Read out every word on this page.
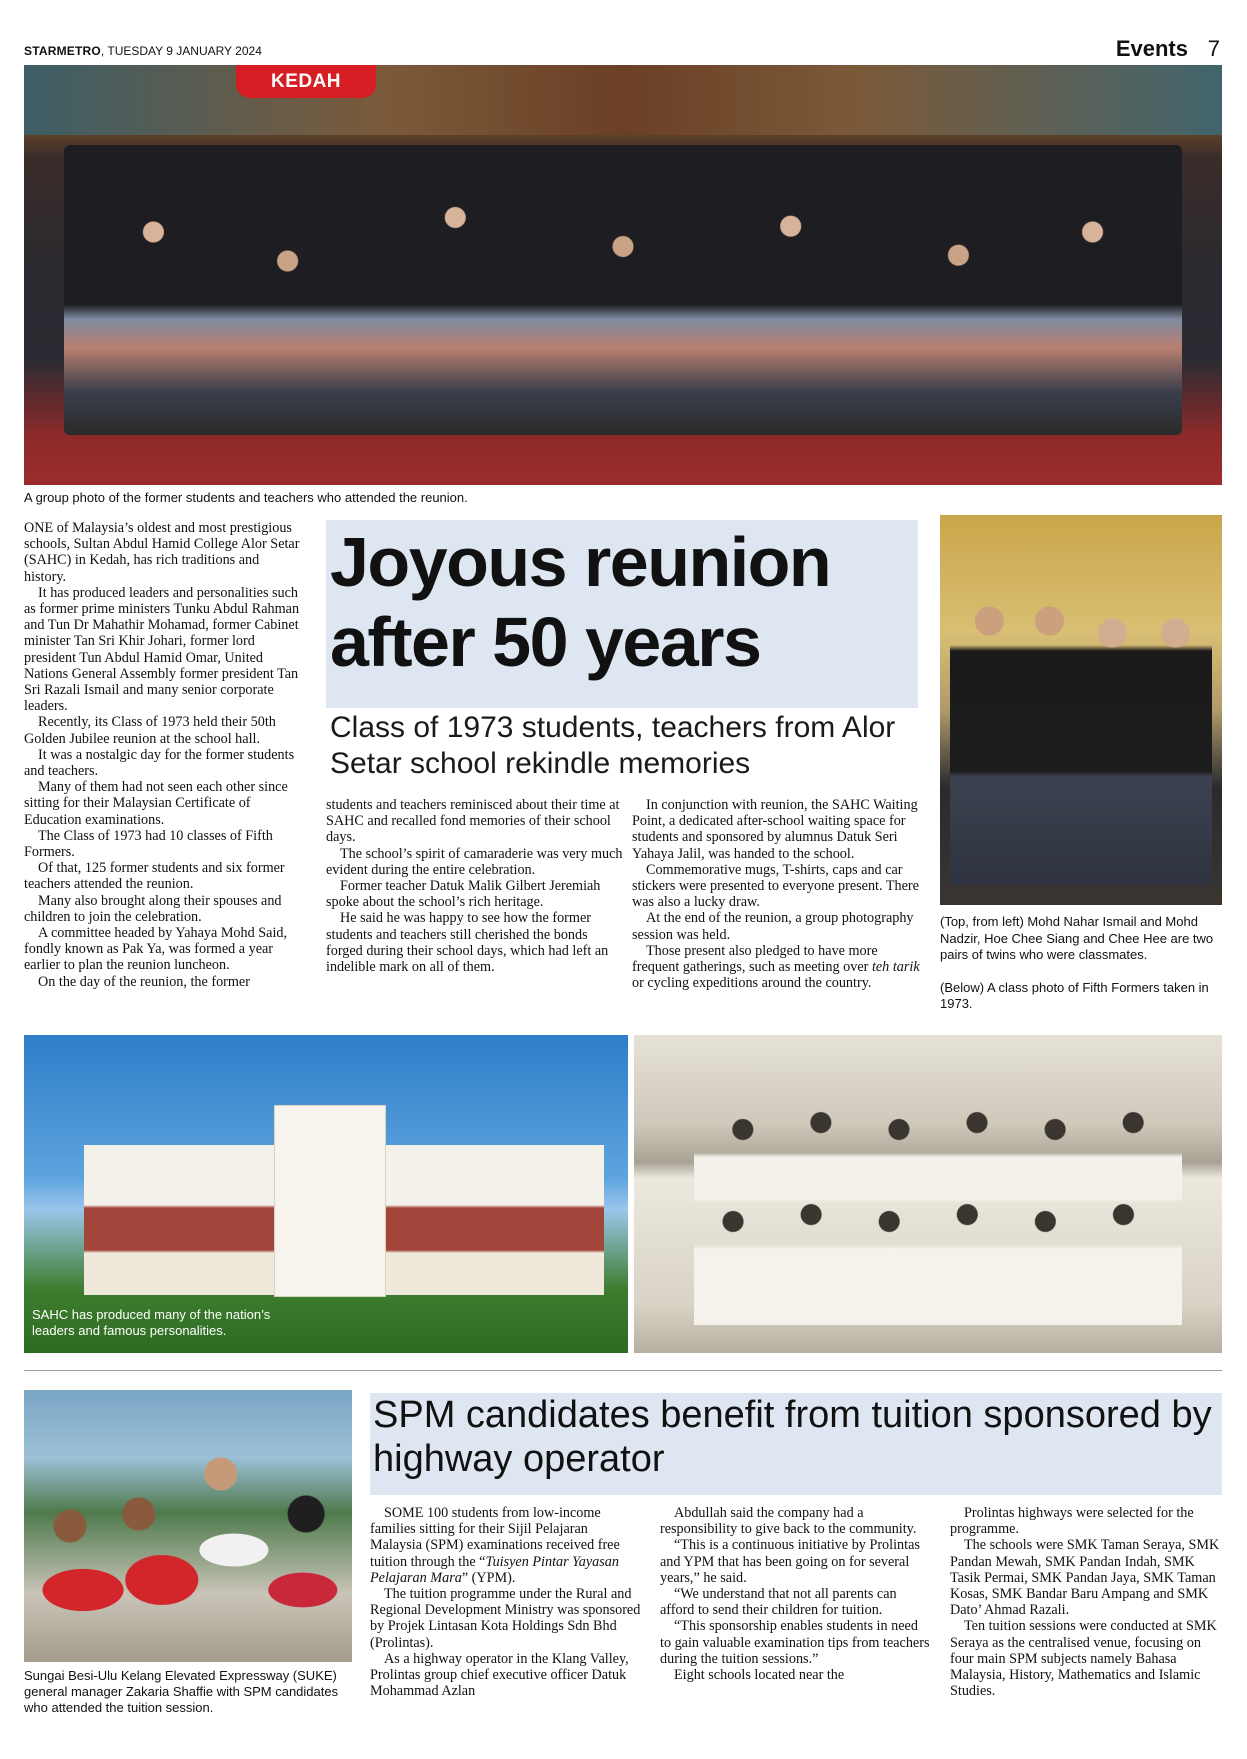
STARMETRO, TUESDAY 9 JANUARY 2024	Events 7
KEDAH
A group photo of the former students and teachers who attended the reunion.

ONE of Malaysia’s oldest and most prestigious schools, Sultan Abdul Hamid College Alor Setar (SAHC) in Kedah, has rich traditions and history.

It has produced leaders and personalities such as former prime ministers Tunku Abdul Rahman and Tun Dr Mahathir Mohamad, former Cabinet minister Tan Sri Khir Johari, former lord president Tun Abdul Hamid Omar, United Nations General Assembly former president Tan Sri Razali Ismail and many senior corporate leaders.

Recently, its Class of 1973 held their 50th Golden Jubilee reunion at the school hall.

It was a nostalgic day for the former students and teachers.

Many of them had not seen each other since sitting for their Malaysian Certificate of Education examinations.

The Class of 1973 had 10 classes of Fifth Formers.

Of that, 125 former students and six former teachers attended the reunion.

Many also brought along their spouses and children to join the celebration.

A committee headed by Yahaya Mohd Said, fondly known as Pak Ya, was formed a year earlier to plan the reunion luncheon.

On the day of the reunion, the former

Joyous reunion after 50 years
Class of 1973 students, teachers from Alor Setar school rekindle memories

students and teachers reminisced about their time at SAHC and recalled fond memories of their school days.

The school’s spirit of camaraderie was very much evident during the entire celebration.

Former teacher Datuk Malik Gilbert Jeremiah spoke about the school’s rich heritage.

He said he was happy to see how the former students and teachers still cherished the bonds forged during their school days, which had left an indelible mark on all of them.

In conjunction with reunion, the SAHC Waiting Point, a dedicated after-school waiting space for students and sponsored by alumnus Datuk Seri Yahaya Jalil, was handed to the school.

Commemorative mugs, T-shirts, caps and car stickers were presented to everyone present. There was also a lucky draw.

At the end of the reunion, a group photography session was held.

Those present also pledged to have more frequent gatherings, such as meeting over teh tarik or cycling expeditions around the country.

(Top, from left) Mohd Nahar Ismail and Mohd Nadzir, Hoe Chee Siang and Chee Hee are two pairs of twins who were classmates.
(Below) A class photo of Fifth Formers taken in 1973.
SAHC has produced many of the nation’s leaders and famous personalities.
Sungai Besi-Ulu Kelang Elevated Expressway (SUKE) general manager Zakaria Shaffie with SPM candidates who attended the tuition session.
SPM candidates benefit from tuition sponsored by highway operator

SOME 100 students from low-income families sitting for their Sijil Pelajaran Malaysia (SPM) examinations received free tuition through the “Tuisyen Pintar Yayasan Pelajaran Mara” (YPM).

The tuition programme under the Rural and Regional Development Ministry was sponsored by Projek Lintasan Kota Holdings Sdn Bhd (Prolintas).

As a highway operator in the Klang Valley, Prolintas group chief executive officer Datuk Mohammad Azlan

Abdullah said the company had a responsibility to give back to the community.

“This is a continuous initiative by Prolintas and YPM that has been going on for several years,” he said.

“We understand that not all parents can afford to send their children for tuition.

“This sponsorship enables students in need to gain valuable examination tips from teachers during the tuition sessions.”

Eight schools located near the

Prolintas highways were selected for the programme.

The schools were SMK Taman Seraya, SMK Pandan Mewah, SMK Pandan Indah, SMK Tasik Permai, SMK Pandan Jaya, SMK Taman Kosas, SMK Bandar Baru Ampang and SMK Dato’ Ahmad Razali.

Ten tuition sessions were conducted at SMK Seraya as the centralised venue, focusing on four main SPM subjects namely Bahasa Malaysia, History, Mathematics and Islamic Studies.
